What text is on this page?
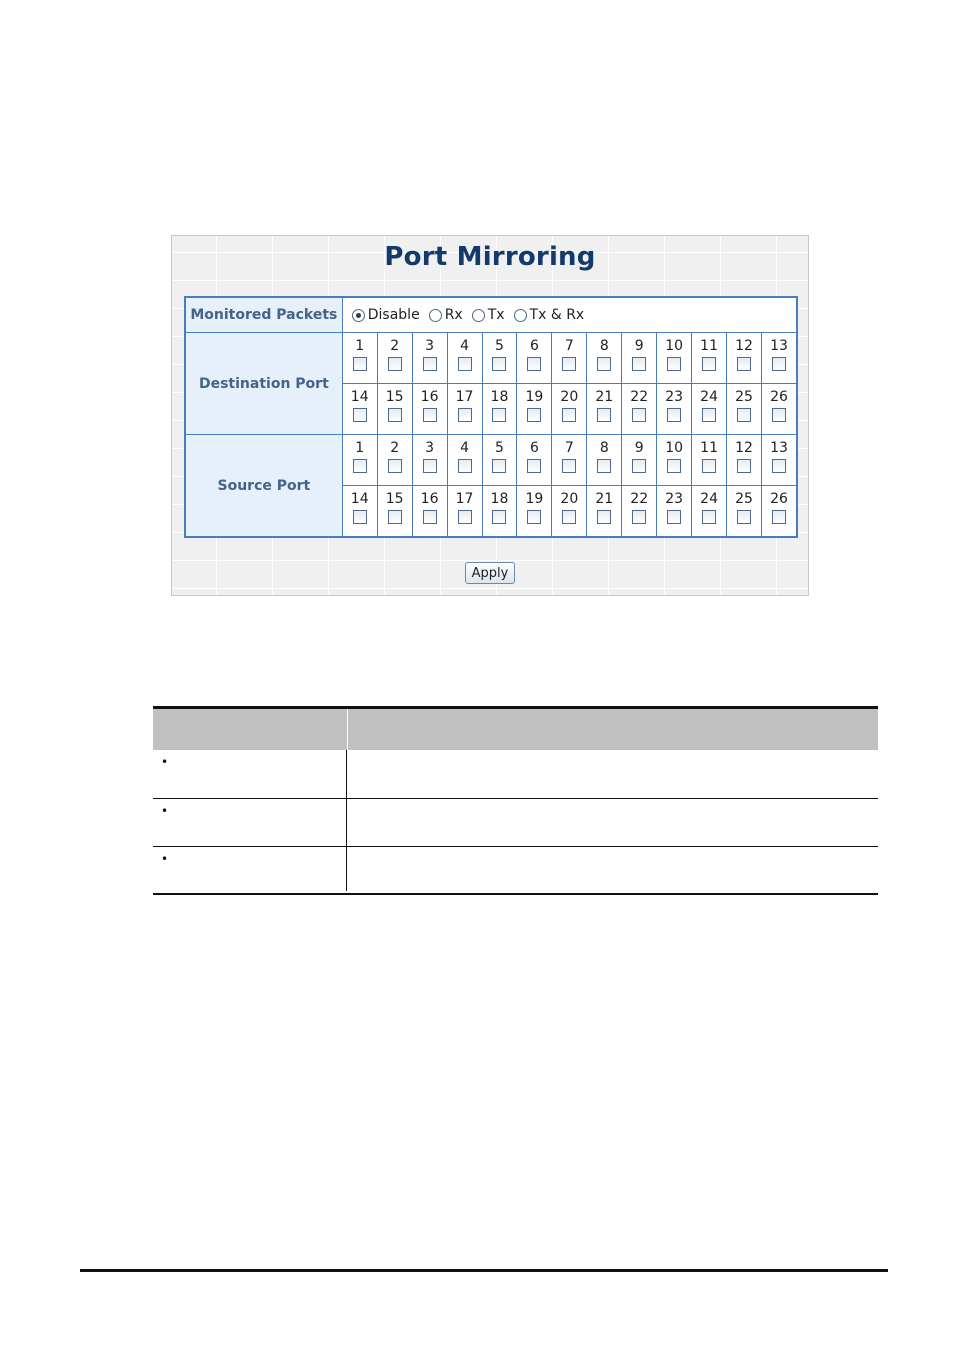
Port Mirroring
Monitored Packets	Disable Rx Tx Tx & Rx												

Destination Port	1	2	3	4	5	6	7	8	9	10	11	12	13

	14	15	16	17	18	19	20	21	22	23	24	25	26

Source Port	1	2	3	4	5	6	7	8	9	10	11	12	13

	14	15	16	17	18	19	20	21	22	23	24	25	26
Apply
•
•
•
